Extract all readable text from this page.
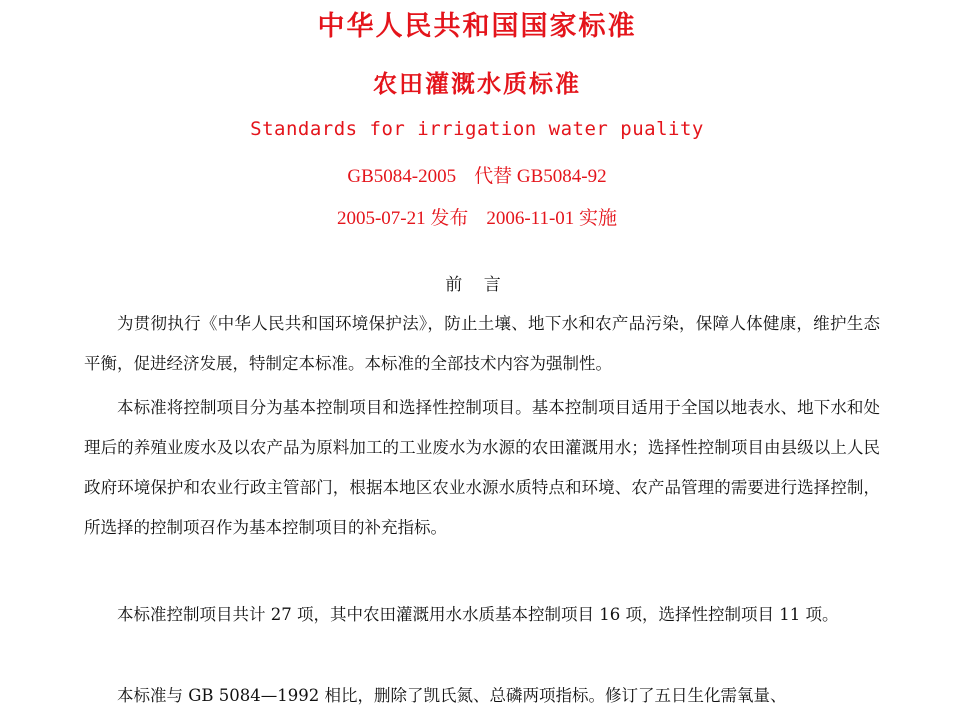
中华人民共和国国家标准
农田灌溉水质标准
Standards for irrigation water puality
GB5084-2005 代替 GB5084-92
2005-07-21 发布 2006-11-01 实施
前 言

为贯彻执行《中华人民共和国环境保护法》，防止土壤、地下水和农产品污染，保障人体健康，维护生态平衡，促进经济发展，特制定本标准。本标准的全部技术内容为强制性。

本标准将控制项目分为基本控制项目和选择性控制项目。基本控制项目适用于全国以地表水、地下水和处理后的养殖业废水及以农产品为原料加工的工业废水为水源的农田灌溉用水；选择性控制项目由县级以上人民政府环境保护和农业行政主管部门，根据本地区农业水源水质特点和环境、农产品管理的需要进行选择控制，所选择的控制项召作为基本控制项目的补充指标。

本标准控制项目共计 27 项，其中农田灌溉用水水质基本控制项目 16 项，选择性控制项目 11 项。

本标准与 GB 5084—1992 相比，删除了凯氏氮、总磷两项指标。修订了五日生化需氧量、
